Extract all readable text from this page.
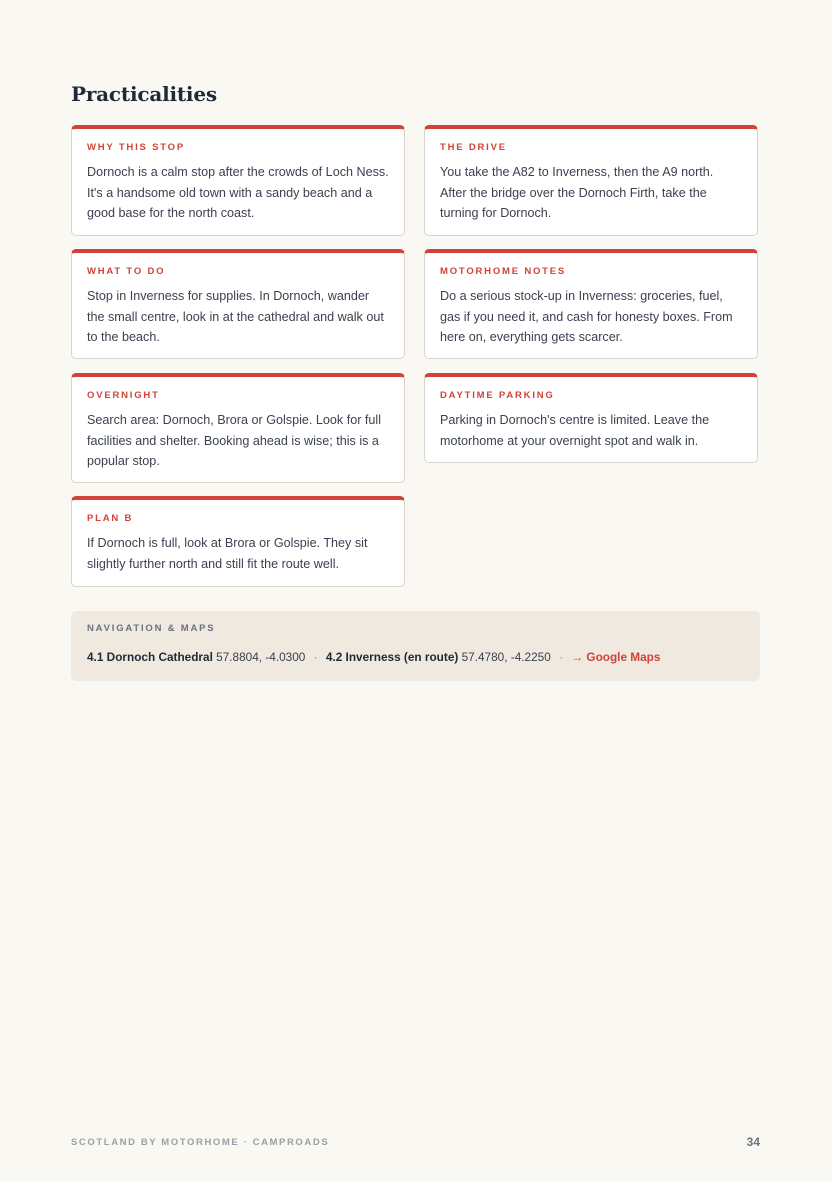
Practicalities
WHY THIS STOP

Dornoch is a calm stop after the crowds of Loch Ness. It's a handsome old town with a sandy beach and a good base for the north coast.

THE DRIVE

You take the A82 to Inverness, then the A9 north. After the bridge over the Dornoch Firth, take the turning for Dornoch.

WHAT TO DO

Stop in Inverness for supplies. In Dornoch, wander the small centre, look in at the cathedral and walk out to the beach.

MOTORHOME NOTES

Do a serious stock-up in Inverness: groceries, fuel, gas if you need it, and cash for honesty boxes. From here on, everything gets scarcer.

OVERNIGHT

Search area: Dornoch, Brora or Golspie. Look for full facilities and shelter. Booking ahead is wise; this is a popular stop.

DAYTIME PARKING

Parking in Dornoch's centre is limited. Leave the motorhome at your overnight spot and walk in.

PLAN B

If Dornoch is full, look at Brora or Golspie. They sit slightly further north and still fit the route well.

NAVIGATION & MAPS
4.1 Dornoch Cathedral 57.8804, -4.0300 · 4.2 Inverness (en route) 57.4780, -4.2250 · → Google Maps
SCOTLAND BY MOTORHOME · CAMPROADS	34
